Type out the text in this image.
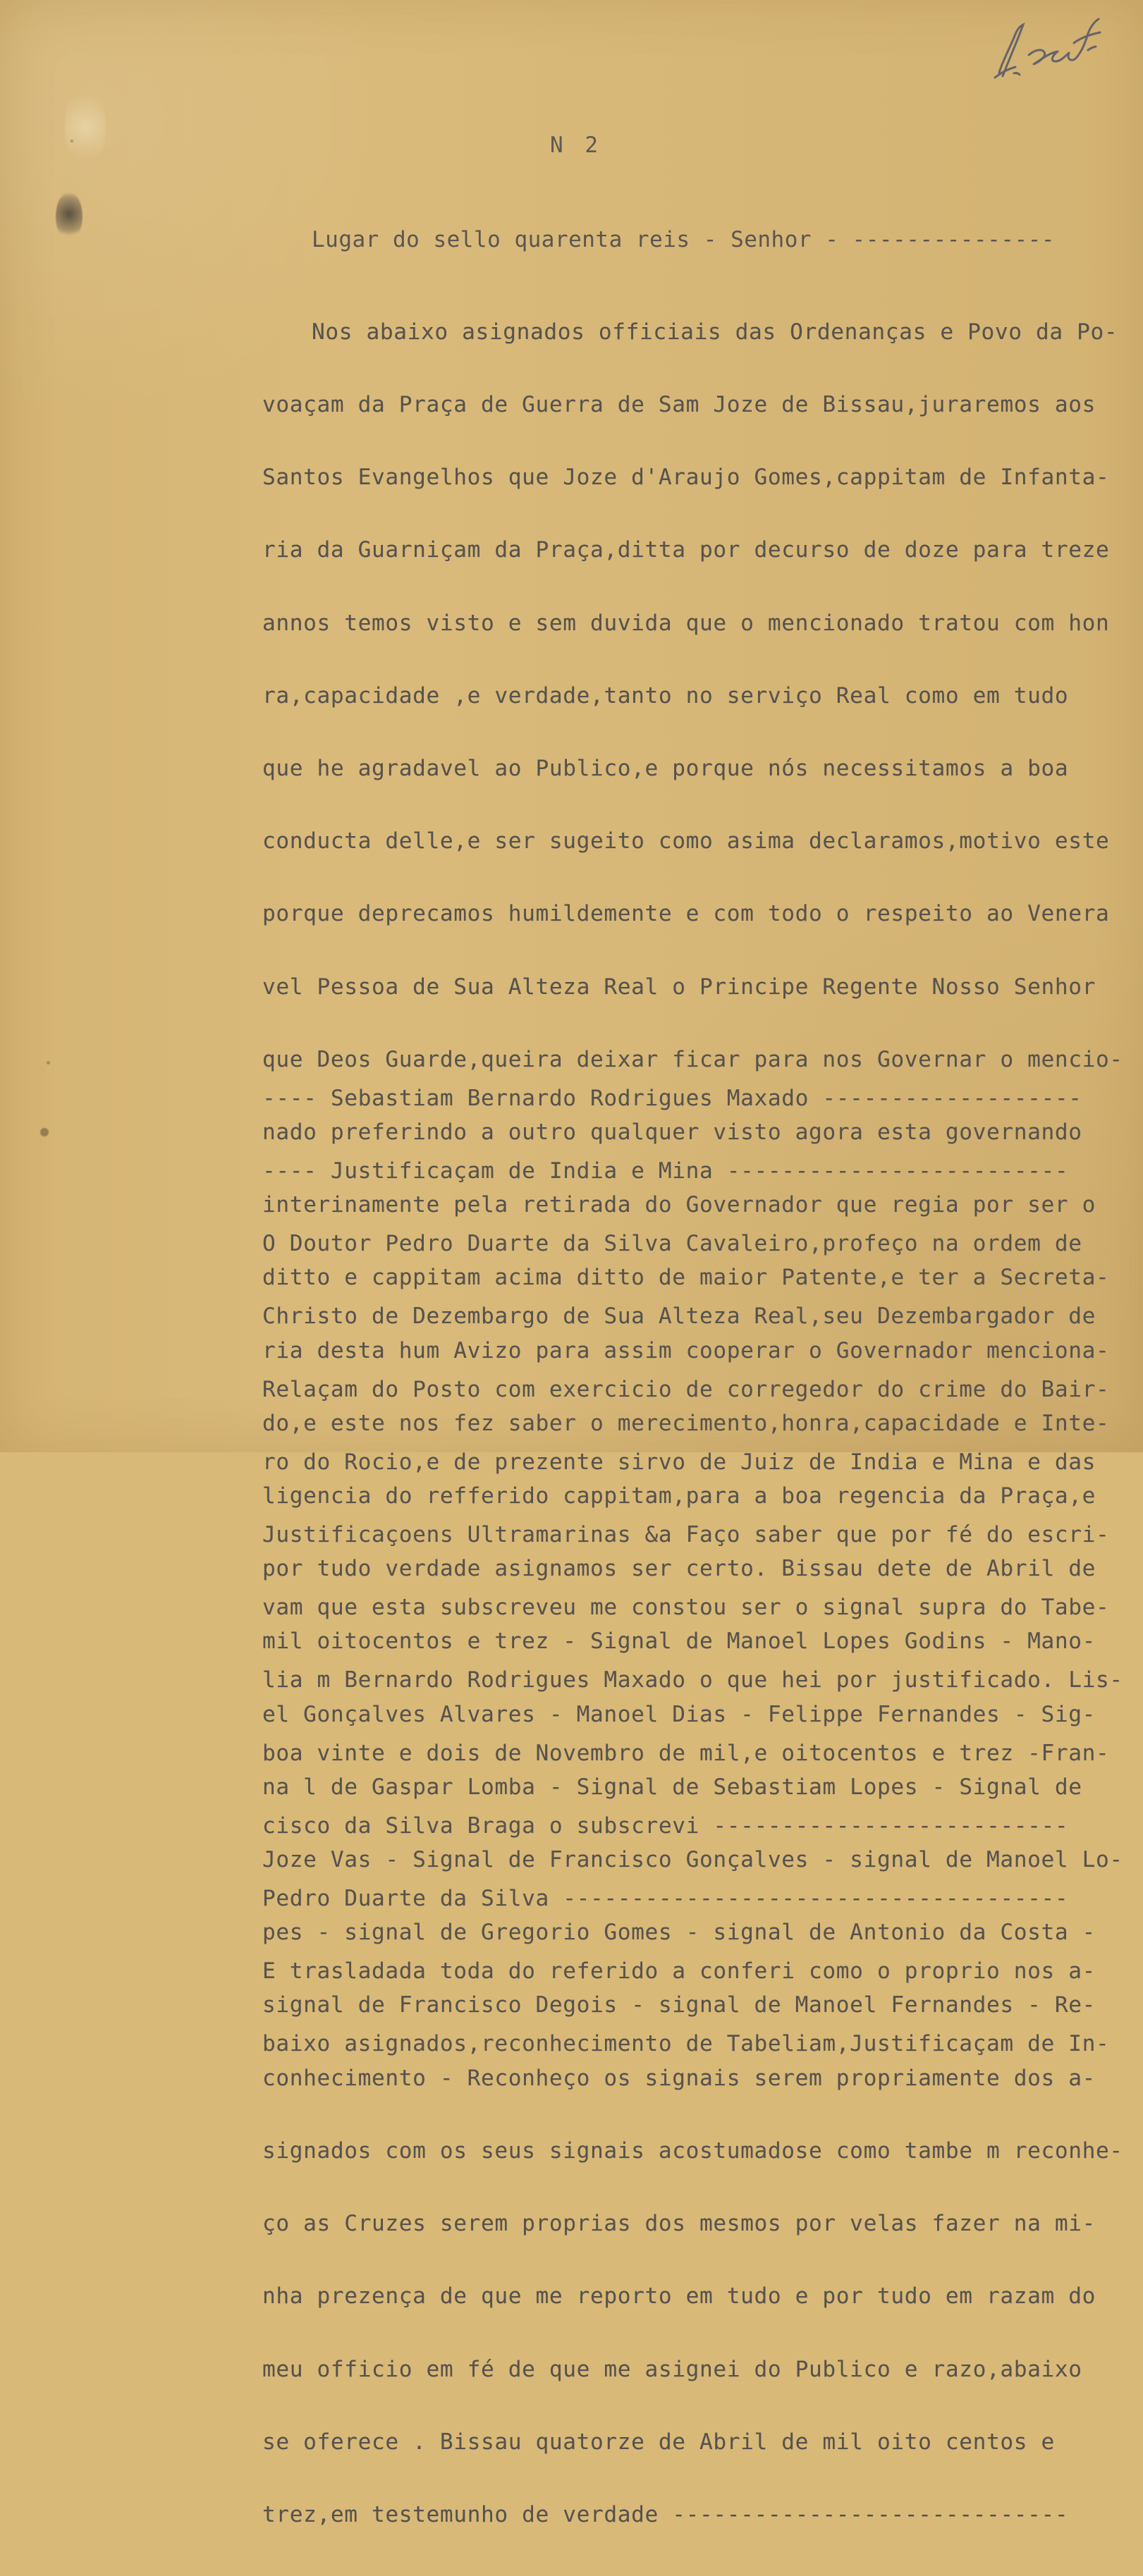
N 2
Lugar do sello quarenta reis - Senhor - ---------------

Nos abaixo asignados officiais das Ordenanças e Povo da Po-

voaçam da Praça de Guerra de Sam Joze de Bissau,juraremos aos

Santos Evangelhos que Joze d'Araujo Gomes,cappitam de Infanta-

ria da Guarniçam da Praça,ditta por decurso de doze para treze

annos temos visto e sem duvida que o mencionado tratou com hon

ra,capacidade ,e verdade,tanto no serviço Real como em tudo

que he agradavel ao Publico,e porque nós necessitamos a boa

conducta delle,e ser sugeito como asima declaramos,motivo este

porque deprecamos humildemente e com todo o respeito ao Venera

vel Pessoa de Sua Alteza Real o Principe Regente Nosso Senhor

que Deos Guarde,queira deixar ficar para nos Governar o mencio-

nado preferindo a outro qualquer visto agora esta governando

interinamente pela retirada do Governador que regia por ser o

ditto e cappitam acima ditto de maior Patente,e ter a Secreta-

ria desta hum Avizo para assim cooperar o Governador menciona-

do,e este nos fez saber o merecimento,honra,capacidade e Inte-

ligencia do refferido cappitam,para a boa regencia da Praça,e

por tudo verdade asignamos ser certo. Bissau dete de Abril de

mil oitocentos e trez - Signal de Manoel Lopes Godins - Mano-

el Gonçalves Alvares - Manoel Dias - Felippe Fernandes - Sig-

na l de Gaspar Lomba - Signal de Sebastiam Lopes - Signal de

Joze Vas - Signal de Francisco Gonçalves - signal de Manoel Lo-

pes - signal de Gregorio Gomes - signal de Antonio da Costa -

signal de Francisco Degois - signal de Manoel Fernandes - Re-

conhecimento - Reconheço os signais serem propriamente dos a-

signados com os seus signais acostumadose como tambe m reconhe-

ço as Cruzes serem proprias dos mesmos por velas fazer na mi-

nha prezença de que me reporto em tudo e por tudo em razam do

meu officio em fé de que me asignei do Publico e razo,abaixo

se oferece . Bissau quatorze de Abril de mil oito centos e

trez,em testemunho de verdade -----------------------------

---- Sebastiam Bernardo Rodrigues Maxado -------------------

---- Justificaçam de India e Mina -------------------------

O Doutor Pedro Duarte da Silva Cavaleiro,profeço na ordem de

Christo de Dezembargo de Sua Alteza Real,seu Dezembargador de

Relaçam do Posto com exercicio de corregedor do crime do Bair-

ro do Rocio,e de prezente sirvo de Juiz de India e Mina e das

Justificaçoens Ultramarinas &a Faço saber que por fé do escri-

vam que esta subscreveu me constou ser o signal supra do Tabe-

lia m Bernardo Rodrigues Maxado o que hei por justificado. Lis-

boa vinte e dois de Novembro de mil,e oitocentos e trez -Fran-

cisco da Silva Braga o subscrevi --------------------------

Pedro Duarte da Silva -------------------------------------

E trasladada toda do referido a conferi como o proprio nos a-

baixo asignados,reconhecimento de Tabeliam,Justificaçam de In-
